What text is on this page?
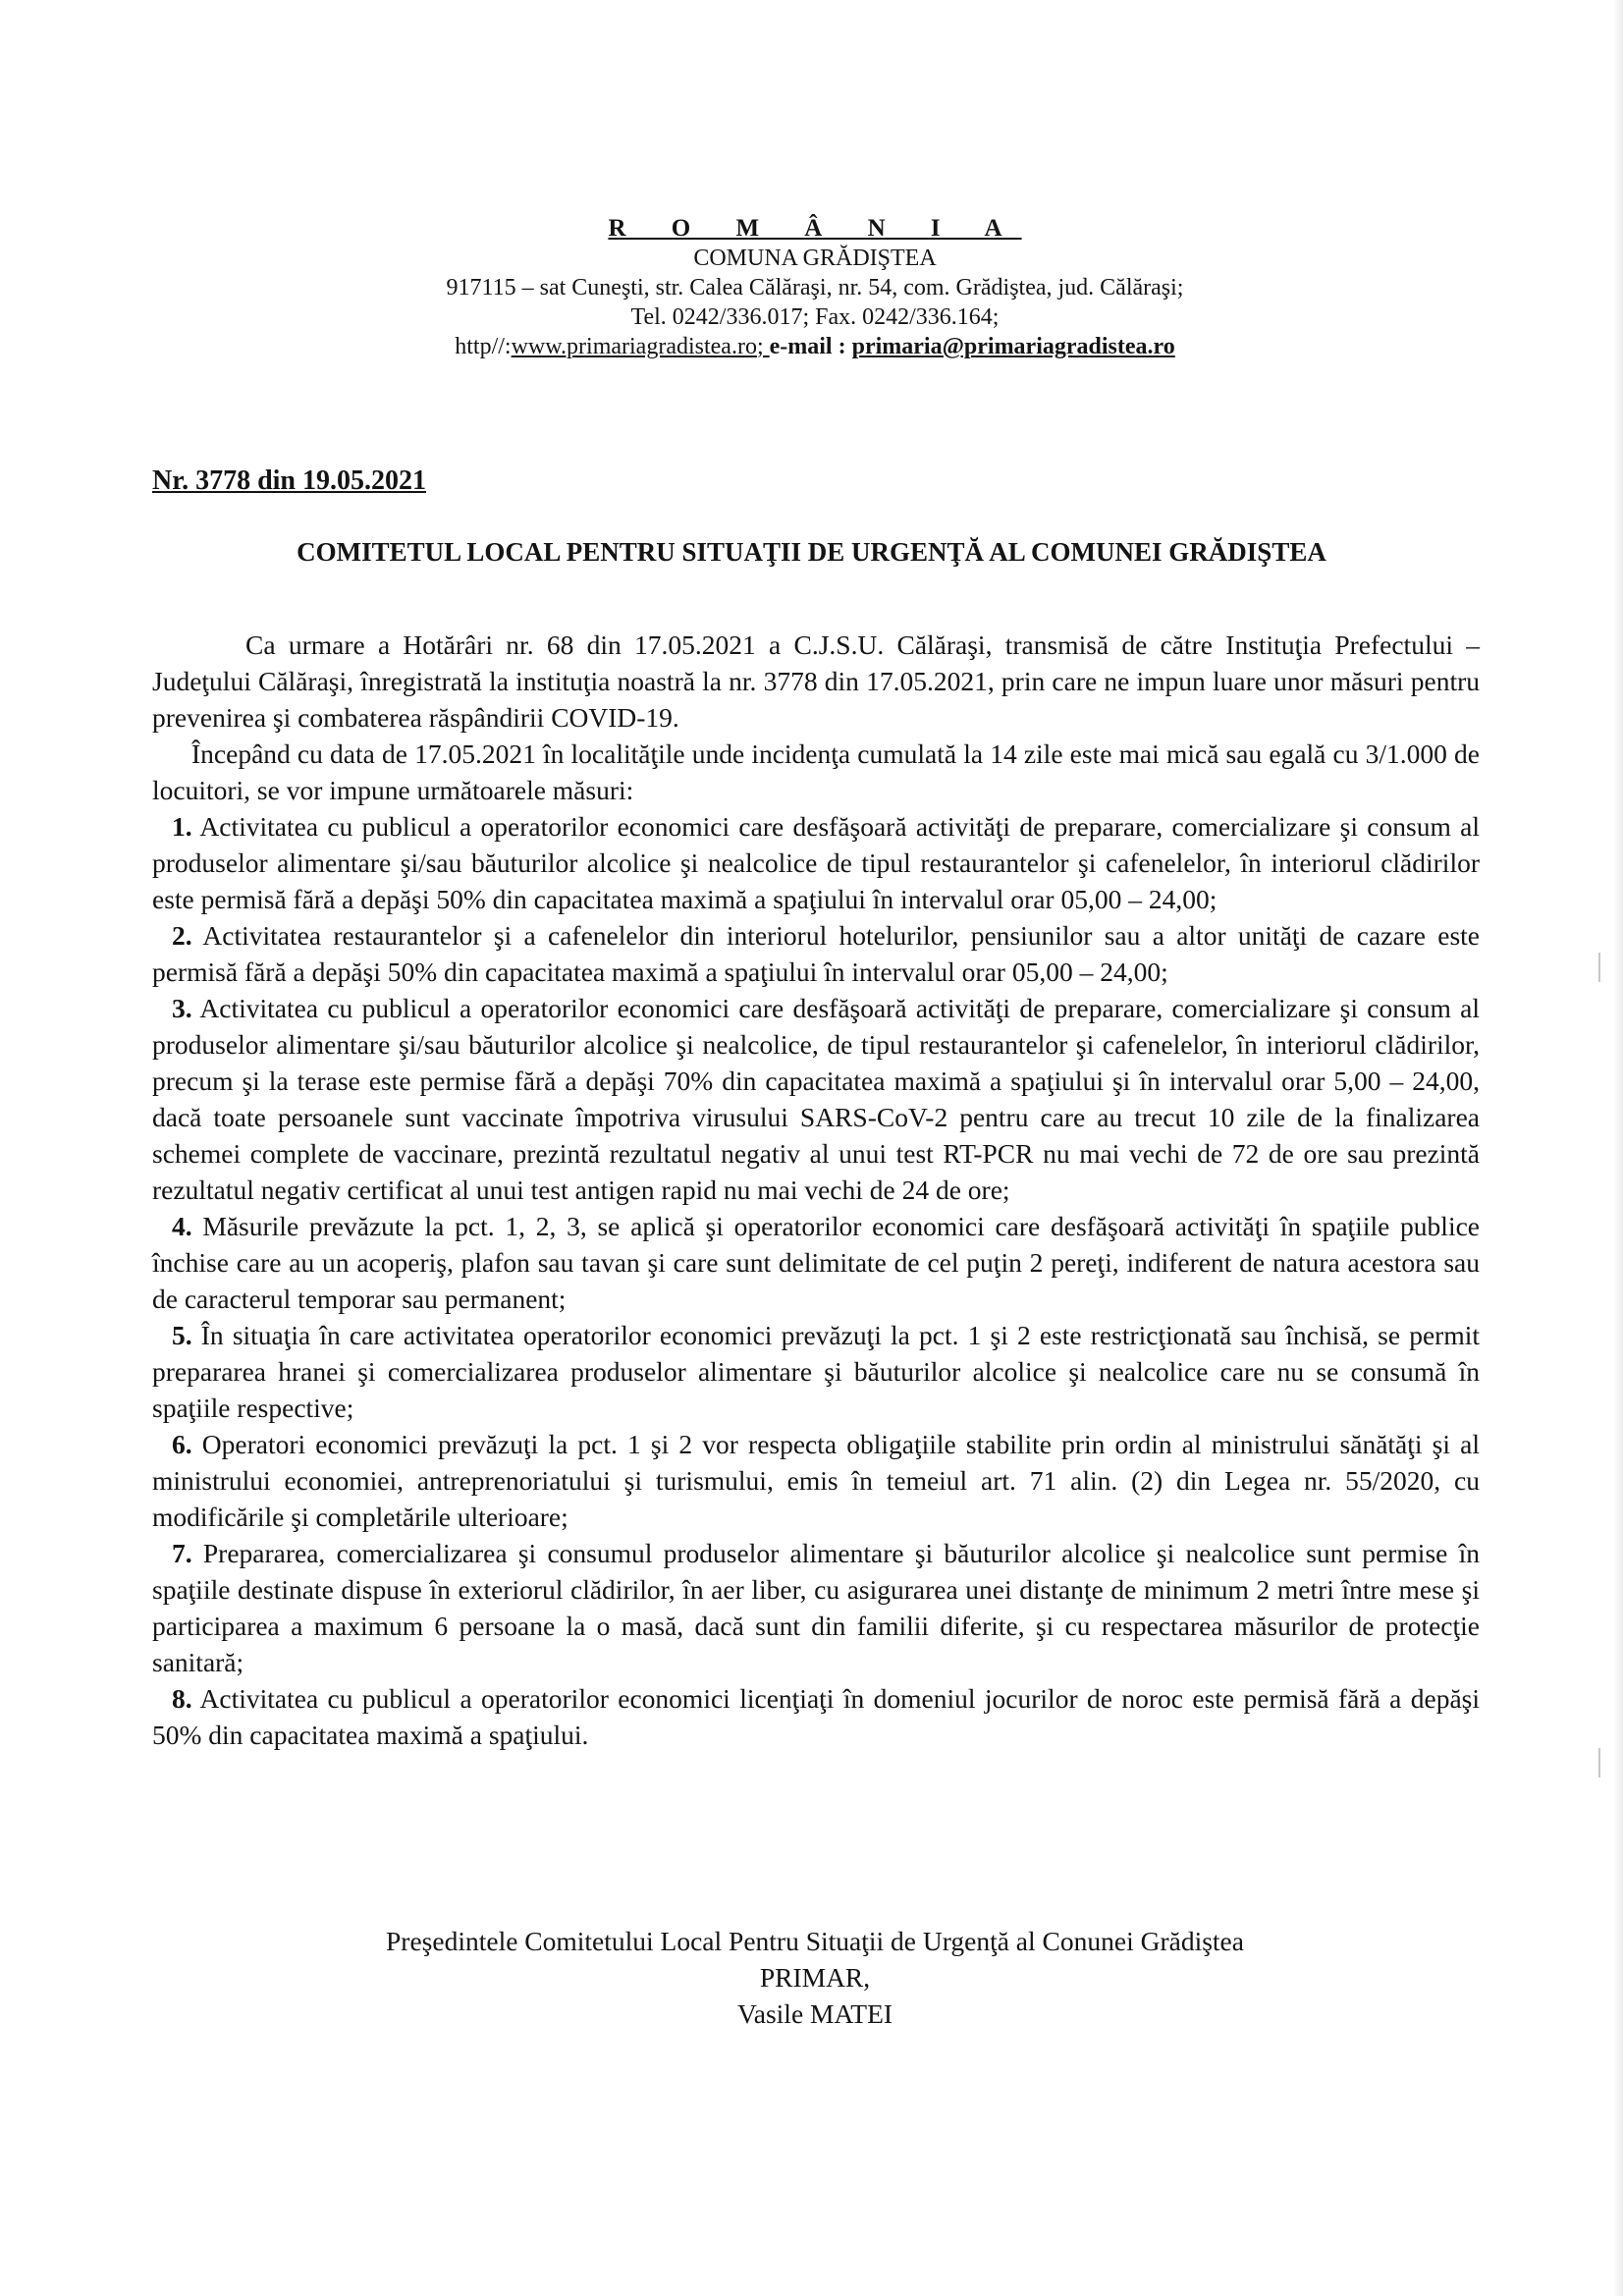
R O M Â N I A
COMUNA GRĂDIŞTEA
917115 – sat Cuneşti, str. Calea Călăraşi, nr. 54, com. Grădiştea, jud. Călăraşi;
Tel. 0242/336.017; Fax. 0242/336.164;
http//:www.primariagradistea.ro; e-mail : primaria@primariagradistea.ro
Nr. 3778 din 19.05.2021
COMITETUL LOCAL PENTRU SITUAŢII DE URGENŢĂ AL COMUNEI GRĂDIŞTEA

Ca urmare a Hotărâri nr. 68 din 17.05.2021 a C.J.S.U. Călăraşi, transmisă de către Instituţia Prefectului – Judeţului Călăraşi, înregistrată la instituţia noastră la nr. 3778 din 17.05.2021, prin care ne impun luare unor măsuri pentru prevenirea şi combaterea răspândirii COVID-19.

Începând cu data de 17.05.2021 în localităţile unde incidenţa cumulată la 14 zile este mai mică sau egală cu 3/1.000 de locuitori, se vor impune următoarele măsuri:

1. Activitatea cu publicul a operatorilor economici care desfăşoară activităţi de preparare, comercializare şi consum al produselor alimentare şi/sau băuturilor alcolice şi nealcolice de tipul restaurantelor şi cafenelelor, în interiorul clădirilor este permisă fără a depăşi 50% din capacitatea maximă a spaţiului în intervalul orar 05,00 – 24,00;

2. Activitatea restaurantelor şi a cafenelelor din interiorul hotelurilor, pensiunilor sau a altor unităţi de cazare este permisă fără a depăşi 50% din capacitatea maximă a spaţiului în intervalul orar 05,00 – 24,00;

3. Activitatea cu publicul a operatorilor economici care desfăşoară activităţi de preparare, comercializare şi consum al produselor alimentare şi/sau băuturilor alcolice şi nealcolice, de tipul restaurantelor şi cafenelelor, în interiorul clădirilor, precum şi la terase este permise fără a depăşi 70% din capacitatea maximă a spaţiului şi în intervalul orar 5,00 – 24,00, dacă toate persoanele sunt vaccinate împotriva virusului SARS-CoV-2 pentru care au trecut 10 zile de la finalizarea schemei complete de vaccinare, prezintă rezultatul negativ al unui test RT-PCR nu mai vechi de 72 de ore sau prezintă rezultatul negativ certificat al unui test antigen rapid nu mai vechi de 24 de ore;

4. Măsurile prevăzute la pct. 1, 2, 3, se aplică şi operatorilor economici care desfăşoară activităţi în spaţiile publice închise care au un acoperiş, plafon sau tavan şi care sunt delimitate de cel puţin 2 pereţi, indiferent de natura acestora sau de caracterul temporar sau permanent;

5. În situaţia în care activitatea operatorilor economici prevăzuţi la pct. 1 şi 2 este restricţionată sau închisă, se permit prepararea hranei şi comercializarea produselor alimentare şi băuturilor alcolice şi nealcolice care nu se consumă în spaţiile respective;

6. Operatori economici prevăzuţi la pct. 1 şi 2 vor respecta obligaţiile stabilite prin ordin al ministrului sănătăţi şi al ministrului economiei, antreprenoriatului şi turismului, emis în temeiul art. 71 alin. (2) din Legea nr. 55/2020, cu modificările şi completările ulterioare;

7. Prepararea, comercializarea şi consumul produselor alimentare şi băuturilor alcolice şi nealcolice sunt permise în spaţiile destinate dispuse în exteriorul clădirilor, în aer liber, cu asigurarea unei distanţe de minimum 2 metri între mese şi participarea a maximum 6 persoane la o masă, dacă sunt din familii diferite, şi cu respectarea măsurilor de protecţie sanitară;

8. Activitatea cu publicul a operatorilor economici licenţiaţi în domeniul jocurilor de noroc este permisă fără a depăşi 50% din capacitatea maximă a spaţiului.

Preşedintele Comitetului Local Pentru Situaţii de Urgenţă al Conunei Grădiştea
PRIMAR,
Vasile MATEI
